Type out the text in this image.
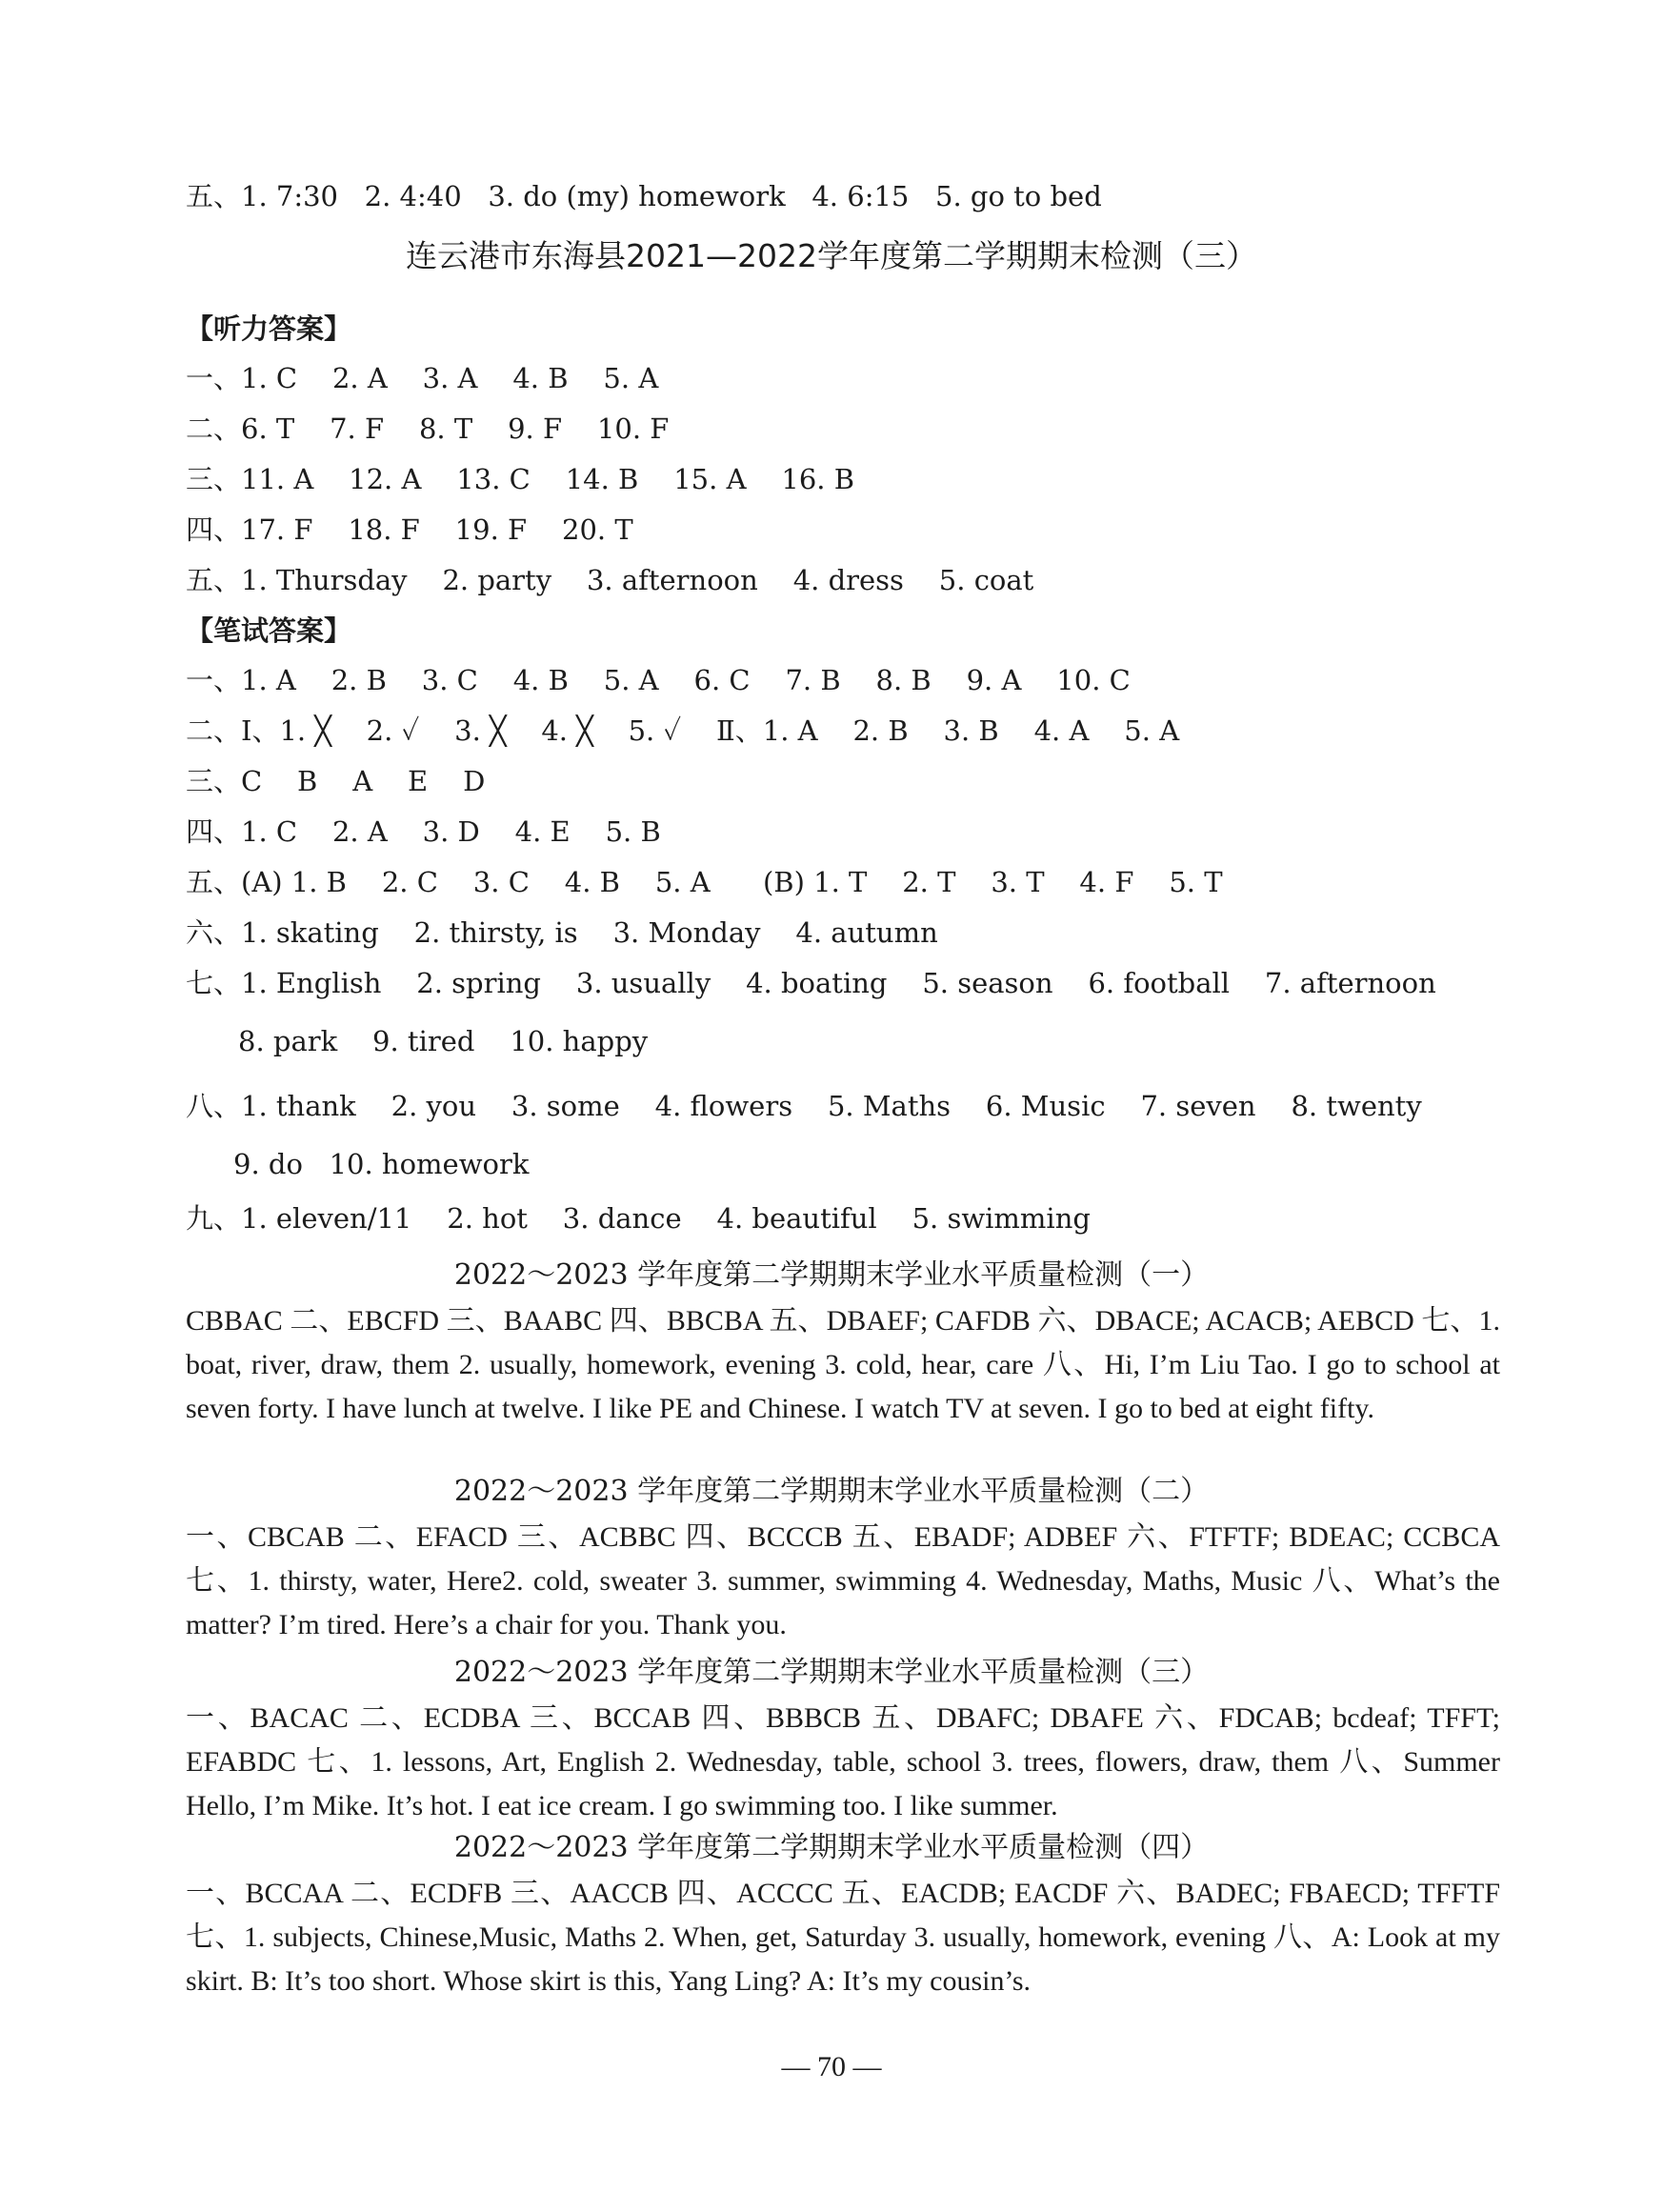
五、1. 7:30   2. 4:40   3. do (my) homework   4. 6:15   5. go to bed
连云港市东海县2021—2022学年度第二学期期末检测（三）
【听力答案】
一、1. C    2. A    3. A    4. B    5. A
二、6. T    7. F    8. T    9. F    10. F
三、11. A    12. A    13. C    14. B    15. A    16. B
四、17. F    18. F    19. F    20. T
五、1. Thursday    2. party    3. afternoon    4. dress    5. coat
【笔试答案】
一、1. A    2. B    3. C    4. B    5. A    6. C    7. B    8. B    9. A    10. C
二、Ⅰ、1. ╳    2. ✓    3. ╳    4. ╳    5. ✓    Ⅱ、1. A    2. B    3. B    4. A    5. A
三、C    B    A    E    D
四、1. C    2. A    3. D    4. E    5. B
五、(A) 1. B    2. C    3. C    4. B    5. A      (B) 1. T    2. T    3. T    4. F    5. T
六、1. skating    2. thirsty, is    3. Monday    4. autumn
七、1. English    2. spring    3. usually    4. boating    5. season    6. football    7. afternoon
8. park    9. tired    10. happy
八、1. thank    2. you    3. some    4. flowers    5. Maths    6. Music    7. seven    8. twenty
9. do   10. homework
九、1. eleven/11    2. hot    3. dance    4. beautiful    5. swimming
2022～2023 学年度第二学期期末学业水平质量检测（一）
CBBAC 二、EBCFD 三、BAABC 四、BBCBA 五、DBAEF; CAFDB 六、DBACE; ACACB; AEBCD 七、1. boat, river, draw, them 2. usually, homework, evening 3. cold, hear, care 八、Hi, I’m Liu Tao. I go to school at seven forty. I have lunch at twelve. I like PE and Chinese. I watch TV at seven. I go to bed at eight fifty.
2022～2023 学年度第二学期期末学业水平质量检测（二）
一、CBCAB 二、EFACD 三、ACBBC 四、BCCCB 五、EBADF; ADBEF 六、FTFTF; BDEAC; CCBCA 七、1. thirsty, water, Here2. cold, sweater 3. summer, swimming 4. Wednesday, Maths, Music 八、What’s the matter? I’m tired. Here’s a chair for you. Thank you.
2022～2023 学年度第二学期期末学业水平质量检测（三）
一、BACAC 二、ECDBA 三、BCCAB 四、BBBCB 五、DBAFC; DBAFE 六、FDCAB; bcdeaf; TFFT; EFABDC 七、1. lessons, Art, English 2. Wednesday, table, school 3. trees, flowers, draw, them 八、Summer Hello, I’m Mike. It’s hot. I eat ice cream. I go swimming too. I like summer.
2022～2023 学年度第二学期期末学业水平质量检测（四）
一、BCCAA 二、ECDFB 三、AACCB 四、ACCCC 五、EACDB; EACDF 六、BADEC; FBAECD; TFFTF 七、1. subjects, Chinese,Music, Maths 2. When, get, Saturday 3. usually, homework, evening 八、A: Look at my skirt. B: It’s too short. Whose skirt is this, Yang Ling? A: It’s my cousin’s.
— 70 —
